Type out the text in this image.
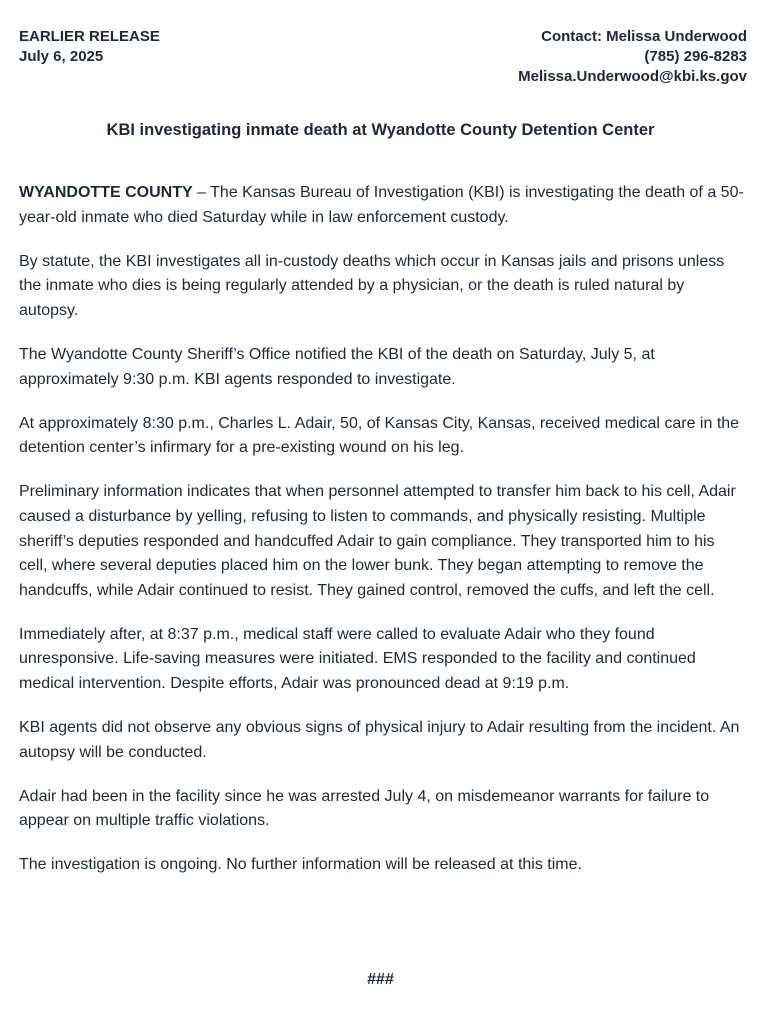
EARLIER RELEASE
July 6, 2025
Contact: Melissa Underwood
(785) 296-8283
Melissa.Underwood@kbi.ks.gov
KBI investigating inmate death at Wyandotte County Detention Center

WYANDOTTE COUNTY – The Kansas Bureau of Investigation (KBI) is investigating the death of a 50-year-old inmate who died Saturday while in law enforcement custody.

By statute, the KBI investigates all in-custody deaths which occur in Kansas jails and prisons unless the inmate who dies is being regularly attended by a physician, or the death is ruled natural by autopsy.

The Wyandotte County Sheriff’s Office notified the KBI of the death on Saturday, July 5, at approximately 9:30 p.m. KBI agents responded to investigate.

At approximately 8:30 p.m., Charles L. Adair, 50, of Kansas City, Kansas, received medical care in the detention center’s infirmary for a pre-existing wound on his leg.

Preliminary information indicates that when personnel attempted to transfer him back to his cell, Adair caused a disturbance by yelling, refusing to listen to commands, and physically resisting. Multiple sheriff’s deputies responded and handcuffed Adair to gain compliance. They transported him to his cell, where several deputies placed him on the lower bunk. They began attempting to remove the handcuffs, while Adair continued to resist. They gained control, removed the cuffs, and left the cell.

Immediately after, at 8:37 p.m., medical staff were called to evaluate Adair who they found unresponsive. Life-saving measures were initiated. EMS responded to the facility and continued medical intervention. Despite efforts, Adair was pronounced dead at 9:19 p.m.

KBI agents did not observe any obvious signs of physical injury to Adair resulting from the incident. An autopsy will be conducted.

Adair had been in the facility since he was arrested July 4, on misdemeanor warrants for failure to appear on multiple traffic violations.

The investigation is ongoing. No further information will be released at this time.

###
